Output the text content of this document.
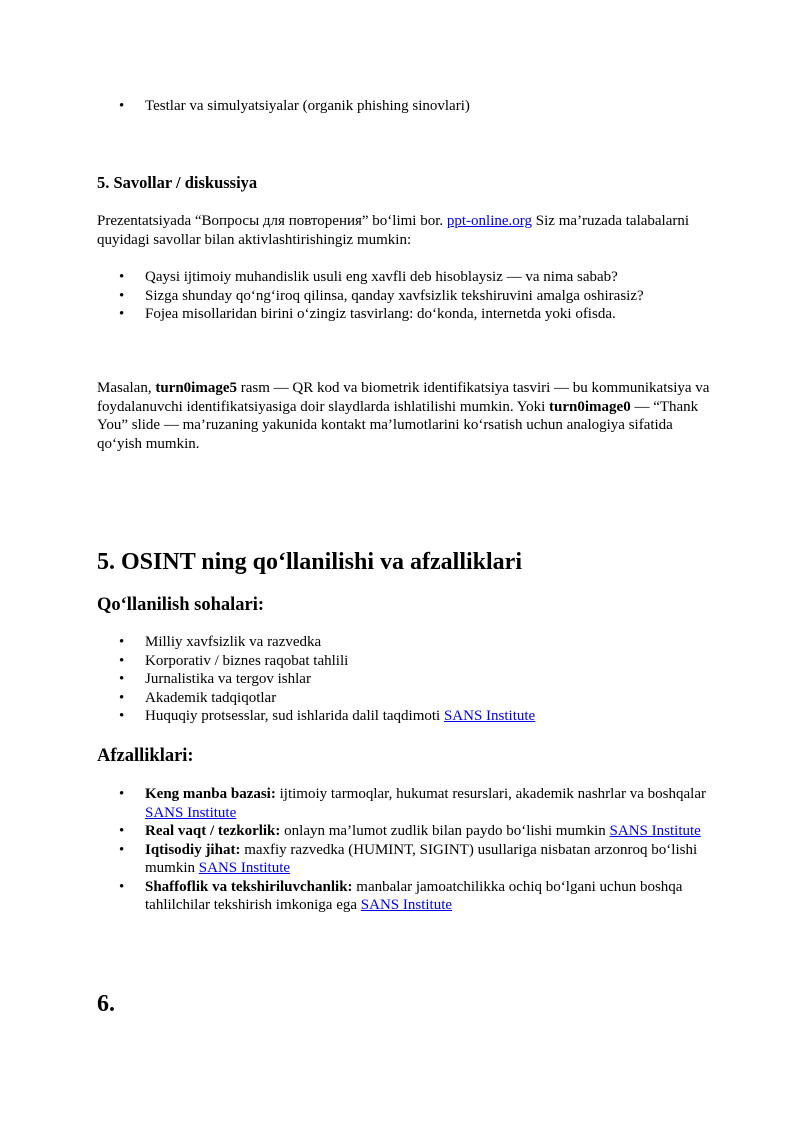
• Testlar va simulyatsiyalar (organik phishing sinovlari)
5. Savollar / diskussiya

Prezentatsiyada “Вопросы для повторения” bo‘limi bor. ppt-online.org Siz ma’ruzada talabalarni quyidagi savollar bilan aktivlashtirishingiz mumkin:

• Qaysi ijtimoiy muhandislik usuli eng xavfli deb hisoblaysiz — va nima sabab?
• Sizga shunday qo‘ng‘iroq qilinsa, qanday xavfsizlik tekshiruvini amalga oshirasiz?
• Fojea misollaridan birini o‘zingiz tasvirlang: do‘konda, internetda yoki ofisda.

Masalan, turn0image5 rasm — QR kod va biometrik identifikatsiya tasviri — bu kommunikatsiya va foydalanuvchi identifikatsiyasiga doir slaydlarda ishlatilishi mumkin. Yoki turn0image0 — “Thank You” slide — ma’ruzaning yakunida kontakt ma’lumotlarini ko‘rsatish uchun analogiya sifatida qo‘yish mumkin.

5. OSINT ning qo‘llanilishi va afzalliklari
Qo‘llanilish sohalari:
• Milliy xavfsizlik va razvedka
• Korporativ / biznes raqobat tahlili
• Jurnalistika va tergov ishlar
• Akademik tadqiqotlar
• Huquqiy protsesslar, sud ishlarida dalil taqdimoti SANS Institute
Afzalliklari:
• Keng manba bazasi: ijtimoiy tarmoqlar, hukumat resurslari, akademik nashrlar va boshqalar SANS Institute
• Real vaqt / tezkorlik: onlayn ma’lumot zudlik bilan paydo bo‘lishi mumkin SANS Institute
• Iqtisodiy jihat: maxfiy razvedka (HUMINT, SIGINT) usullariga nisbatan arzonroq bo‘lishi mumkin SANS Institute
• Shaffoflik va tekshiriluvchanlik: manbalar jamoatchilikka ochiq bo‘lgani uchun boshqa tahlilchilar tekshirish imkoniga ega SANS Institute
6.
